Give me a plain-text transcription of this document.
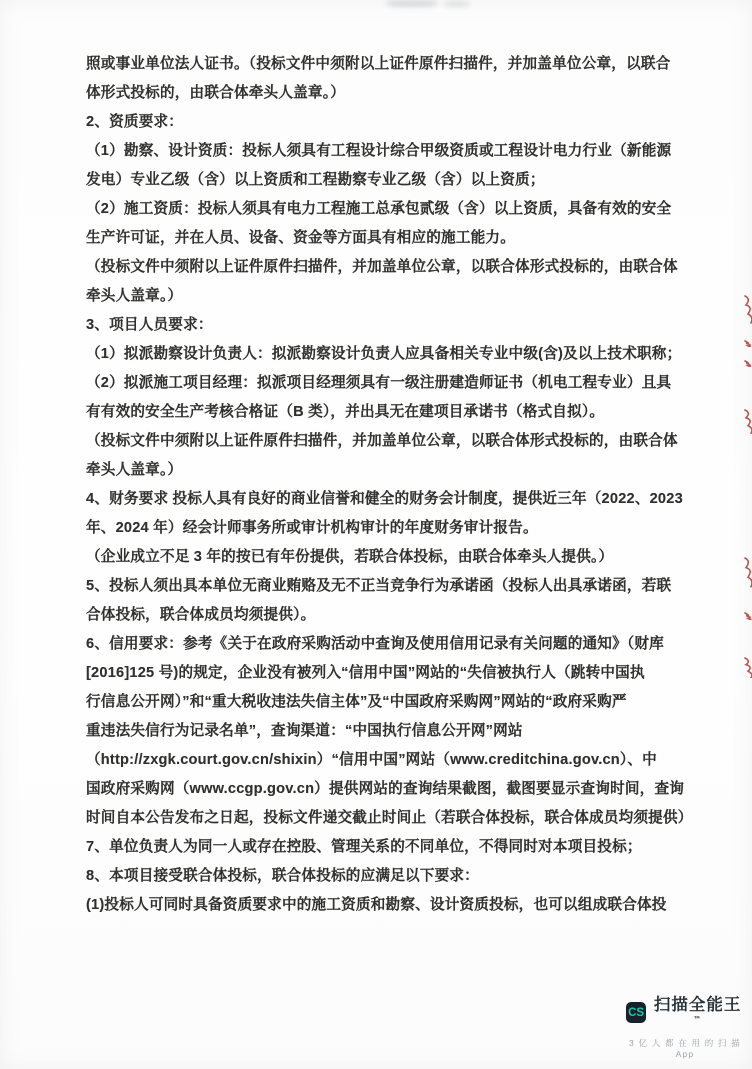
照或事业单位法人证书。（投标文件中须附以上证件原件扫描件，并加盖单位公章，以联合
体形式投标的，由联合体牵头人盖章。）
2、资质要求：
（1）勘察、设计资质：投标人须具有工程设计综合甲级资质或工程设计电力行业（新能源
发电）专业乙级（含）以上资质和工程勘察专业乙级（含）以上资质；
（2）施工资质：投标人须具有电力工程施工总承包贰级（含）以上资质，具备有效的安全
生产许可证，并在人员、设备、资金等方面具有相应的施工能力。
（投标文件中须附以上证件原件扫描件，并加盖单位公章，以联合体形式投标的，由联合体
牵头人盖章。）
3、项目人员要求：
（1）拟派勘察设计负责人：拟派勘察设计负责人应具备相关专业中级(含)及以上技术职称；
（2）拟派施工项目经理：拟派项目经理须具有一级注册建造师证书（机电工程专业）且具
有有效的安全生产考核合格证（B 类），并出具无在建项目承诺书（格式自拟）。
（投标文件中须附以上证件原件扫描件，并加盖单位公章，以联合体形式投标的，由联合体
牵头人盖章。）
4、财务要求 投标人具有良好的商业信誉和健全的财务会计制度，提供近三年（2022、2023
年、2024 年）经会计师事务所或审计机构审计的年度财务审计报告。
（企业成立不足 3 年的按已有年份提供，若联合体投标，由联合体牵头人提供。）
5、投标人须出具本单位无商业贿赂及无不正当竞争行为承诺函（投标人出具承诺函，若联
合体投标，联合体成员均须提供）。
6、信用要求：参考《关于在政府采购活动中查询及使用信用记录有关问题的通知》（财库
[2016]125 号)的规定，企业没有被列入“信用中国”网站的“失信被执行人（跳转中国执
行信息公开网）”和“重大税收违法失信主体”及“中国政府采购网”网站的“政府采购严
重违法失信行为记录名单”，查询渠道：“中国执行信息公开网”网站
（http://zxgk.court.gov.cn/shixin）“信用中国”网站（www.creditchina.gov.cn）、中
国政府采购网（www.ccgp.gov.cn）提供网站的查询结果截图，截图要显示查询时间，查询
时间自本公告发布之日起，投标文件递交截止时间止（若联合体投标，联合体成员均须提供）
7、单位负责人为同一人或存在控股、管理关系的不同单位，不得同时对本项目投标；
8、本项目接受联合体投标，联合体投标的应满足以下要求：
(1)投标人可同时具备资质要求中的施工资质和勘察、设计资质投标，也可以组成联合体投
CS 扫描全能王™
3 亿 人 都 在 用 的 扫 描 App
